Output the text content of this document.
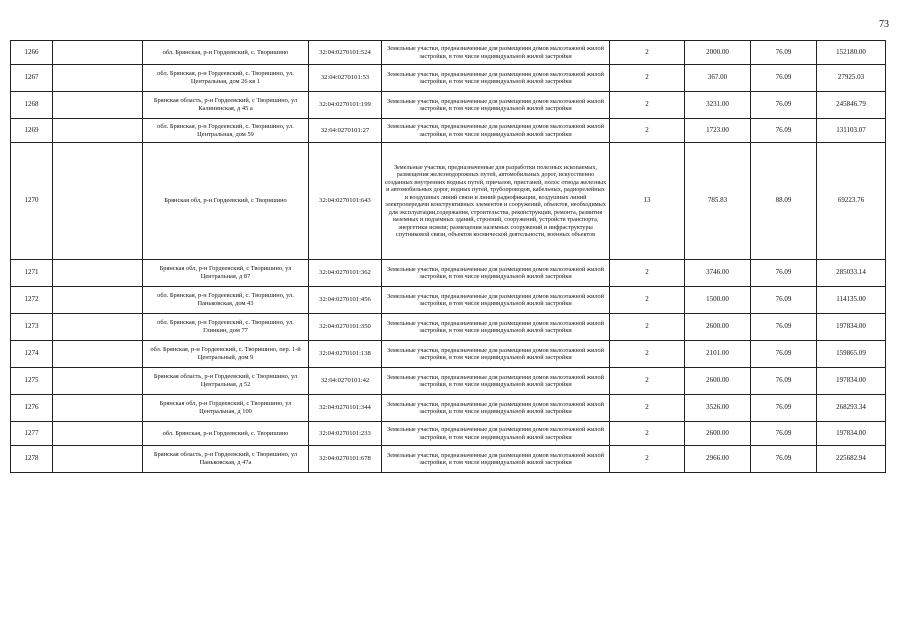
73
1266		обл. Брянская, р-н Гордеевский, с. Творишино	32:04:0270101:524	Земельные участки, предназначенные для размещения домов малоэтажной жилой застройки, в том числе индивидуальной жилой застройки	2	2000.00	76.09	152180.00
1267		обл. Брянская, р-н Гордеевский, с. Творишино, ул. Центральная, дом 26 кв 1	32:04:0270101:53	Земельные участки, предназначенные для размещения домов малоэтажной жилой застройки, в том числе индивидуальной жилой застройки	2	367.00	76.09	27925.03
1268		Брянская область, р-н Гордеевский, с Творишино, ул Калининская, д 45 а	32:04:0270101:199	Земельные участки, предназначенные для размещения домов малоэтажной жилой застройки, в том числе индивидуальной жилой застройки	2	3231.00	76.09	245846.79
1269		обл. Брянская, р-н Гордеевский, с. Творишино, ул. Центральная, дом 59	32:04:0270101:27	Земельные участки, предназначенные для размещения домов малоэтажной жилой застройки, в том числе индивидуальной жилой застройки	2	1723.00	76.09	131103.07
1270		Брянская обл, р-н Гордеевский, с Творишино	32:04:0270101:643	Земельные участки, предназначенные для разработки полезных ископаемых, размещения железнодорожных путей, автомобильных дорог, искусственно созданных внутренних водных путей, причалов, пристаней, полос отвода железных и автомобильных дорог, водных путей, трубопроводов, кабельных, радиорелейных и воздушных линий связи и линий радиофикации, воздушных линий электропередачи конструктивных элементов и сооружений, объектов, необходимых для эксплуатации,содержания, строительства, реконструкции, ремонта, развития наземных и подземных зданий, строений, сооружений, устройств транспорта, энергетики исвязи; размещения наземных сооружений и инфраструктуры спутниковой связи, объектов космической деятельности, военных объектов	13	785.83	88.09	69223.76
1271		Брянская обл, р-н Гордеевский, с Творишино, ул Центральная, д 87	32:04:0270101:362	Земельные участки, предназначенные для размещения домов малоэтажной жилой застройки, в том числе индивидуальной жилой застройки	2	3746.00	76.09	285033.14
1272		обл. Брянская, р-н Гордеевский, с. Творишино, ул. Паньковская, дом 43	32:04:0270101:456	Земельные участки, предназначенные для размещения домов малоэтажной жилой застройки, в том числе индивидуальной жилой застройки	2	1500.00	76.09	114135.00
1273		обл. Брянская, р-н Гордеевский, с. Творишино, ул. Глинкин, дом 77	32:04:0270101:350	Земельные участки, предназначенные для размещения домов малоэтажной жилой застройки, в том числе индивидуальной жилой застройки	2	2600.00	76.09	197834.00
1274		обл. Брянская, р-н Гордеевский, с. Творишино, пер. 1-й Центральный, дом 9	32:04:0270101:138	Земельные участки, предназначенные для размещения домов малоэтажной жилой застройки, в том числе индивидуальной жилой застройки	2	2101.00	76.09	159865.09
1275		Брянская область, р-н Гордеевский, с Творишино, ул Центральная, д 52	32:04:0270101:42	Земельные участки, предназначенные для размещения домов малоэтажной жилой застройки, в том числе индивидуальной жилой застройки	2	2600.00	76.09	197834.00
1276		Брянская обл, р-н Гордеевский, с Творишино, ул Центральная, д 100	32:04:0270101:344	Земельные участки, предназначенные для размещения домов малоэтажной жилой застройки, в том числе индивидуальной жилой застройки	2	3526.00	76.09	268293.34
1277		обл. Брянская, р-н Гордеевский, с. Творишино	32:04:0270101:233	Земельные участки, предназначенные для размещения домов малоэтажной жилой застройки, в том числе индивидуальной жилой застройки	2	2600.00	76.09	197834.00
1278		Брянская область, р-н Гордеевский, с Творишино, ул Паньковская, д 47а	32:04:0270101:678	Земельные участки, предназначенные для размещения домов малоэтажной жилой застройки, в том числе индивидуальной жилой застройки	2	2966.00	76.09	225682.94
